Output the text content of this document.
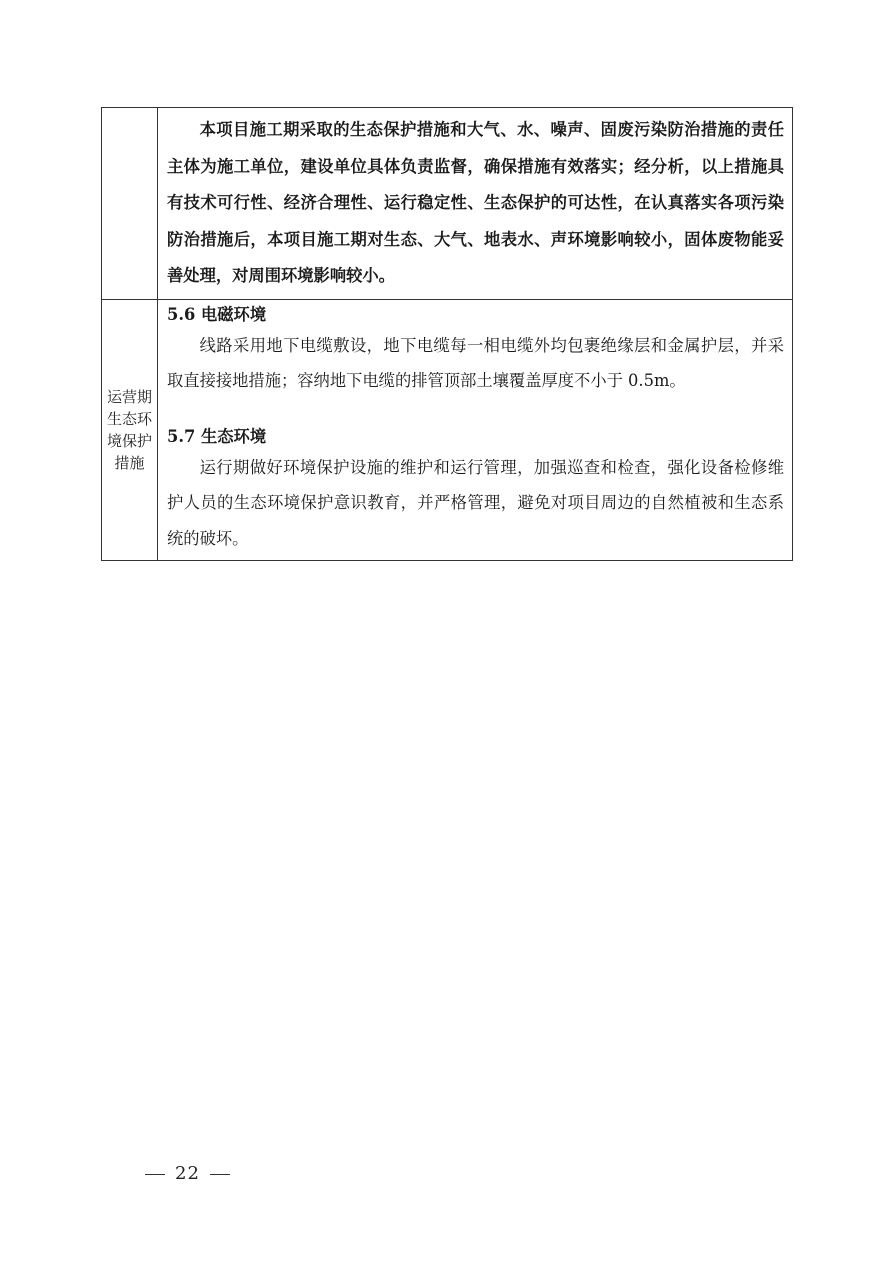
	本项目施工期采取的生态保护措施和大气、水、噪声、固废污染防治措施的责任主体为施工单位，建设单位具体负责监督，确保措施有效落实；经分析，以上措施具有技术可行性、经济合理性、运行稳定性、生态保护的可达性，在认真落实各项污染防治措施后，本项目施工期对生态、大气、地表水、声环境影响较小，固体废物能妥善处理，对周围环境影响较小。

运营期生态环境保护措施	5.6 电磁环境

线路采用地下电缆敷设，地下电缆每一相电缆外均包裹绝缘层和金属护层，并采取直接接地措施；容纳地下电缆的排管顶部土壤覆盖厚度不小于 0.5m。

5.7 生态环境

运行期做好环境保护设施的维护和运行管理，加强巡查和检查，强化设备检修维护人员的生态环境保护意识教育，并严格管理，避免对项目周边的自然植被和生态系统的破坏。

22
